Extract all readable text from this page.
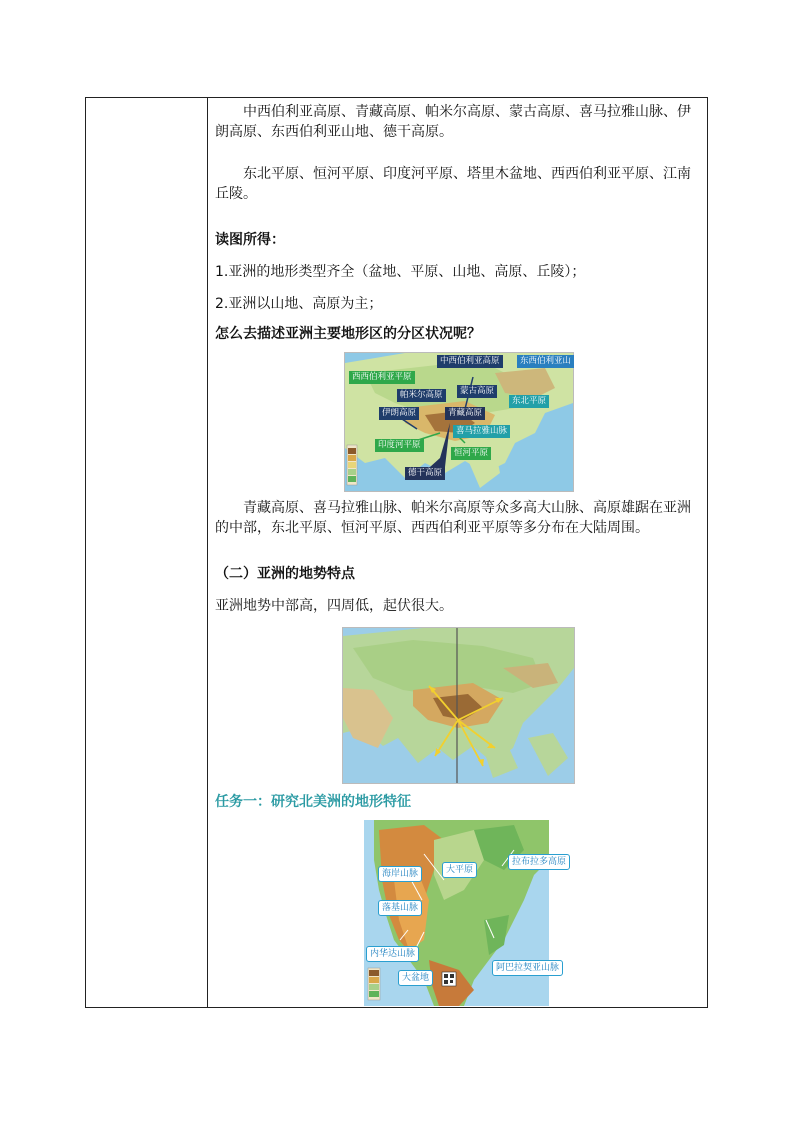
中西伯利亚高原、青藏高原、帕米尔高原、蒙古高原、喜马拉雅山脉、伊朗高原、东西伯利亚山地、德干高原。
东北平原、恒河平原、印度河平原、塔里木盆地、西西伯利亚平原、江南丘陵。
读图所得：
1.亚洲的地形类型齐全（盆地、平原、山地、高原、丘陵）；
2.亚洲以山地、高原为主；
怎么去描述亚洲主要地形区的分区状况呢？
中西伯利亚高原	东西伯利亚山
西西伯利亚平原
蒙古高原
帕米尔高原
东北平原
伊朗高原	青藏高原
喜马拉雅山脉
印度河平原
恒河平原
德干高原
青藏高原、喜马拉雅山脉、帕米尔高原等众多高大山脉、高原雄踞在亚洲的中部，东北平原、恒河平原、西西伯利亚平原等多分布在大陆周围。
（二）亚洲的地势特点
亚洲地势中部高，四周低，起伏很大。
任务一：研究北美洲的地形特征
大平原
拉布拉多高原
海岸山脉
落基山脉
内华达山脉
阿巴拉契亚山脉
大盆地
